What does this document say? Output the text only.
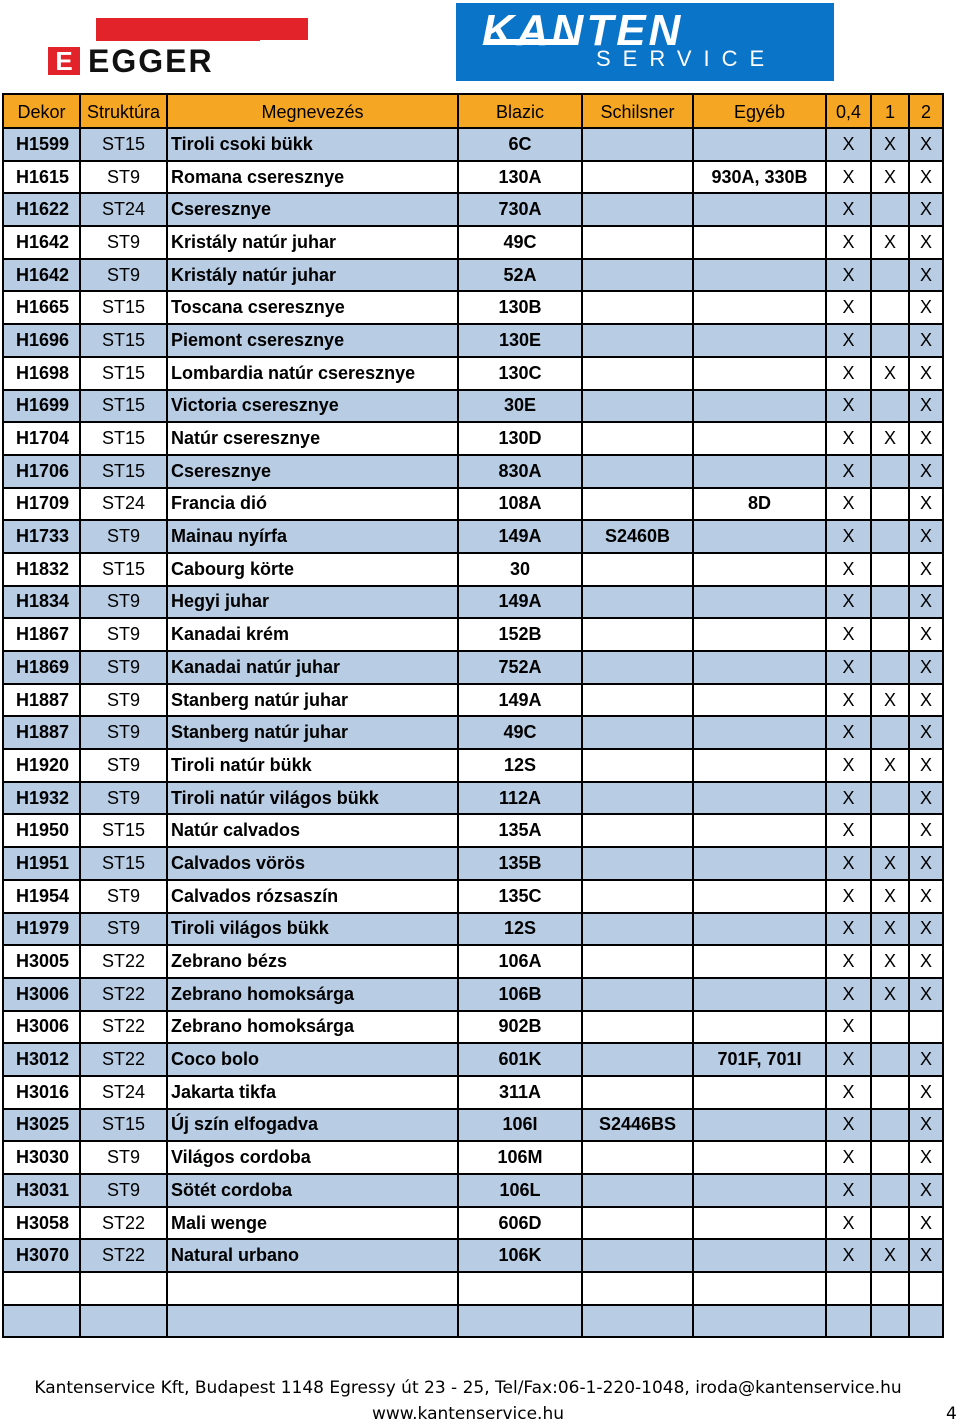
E EGGER
KANTEN
SERVICE
Dekor	Struktúra	Megnevezés	Blazic	Schilsner	Egyéb	0,4	1	2
H1599	ST15	Tiroli csoki bükk	6C			X	X	X
H1615	ST9	Romana cseresznye	130A		930A, 330B	X	X	X
H1622	ST24	Cseresznye	730A			X		X
H1642	ST9	Kristály natúr juhar	49C			X	X	X
H1642	ST9	Kristály natúr juhar	52A			X		X
H1665	ST15	Toscana cseresznye	130B			X		X
H1696	ST15	Piemont cseresznye	130E			X		X
H1698	ST15	Lombardia natúr cseresznye	130C			X	X	X
H1699	ST15	Victoria cseresznye	30E			X		X
H1704	ST15	Natúr cseresznye	130D			X	X	X
H1706	ST15	Cseresznye	830A			X		X
H1709	ST24	Francia dió	108A		8D	X		X
H1733	ST9	Mainau nyírfa	149A	S2460B		X		X
H1832	ST15	Cabourg körte	30			X		X
H1834	ST9	Hegyi juhar	149A			X		X
H1867	ST9	Kanadai krém	152B			X		X
H1869	ST9	Kanadai natúr juhar	752A			X		X
H1887	ST9	Stanberg natúr juhar	149A			X	X	X
H1887	ST9	Stanberg natúr juhar	49C			X		X
H1920	ST9	Tiroli natúr bükk	12S			X	X	X
H1932	ST9	Tiroli natúr világos bükk	112A			X		X
H1950	ST15	Natúr calvados	135A			X		X
H1951	ST15	Calvados vörös	135B			X	X	X
H1954	ST9	Calvados rózsaszín	135C			X	X	X
H1979	ST9	Tiroli világos bükk	12S			X	X	X
H3005	ST22	Zebrano bézs	106A			X	X	X
H3006	ST22	Zebrano homoksárga	106B			X	X	X
H3006	ST22	Zebrano homoksárga	902B			X		
H3012	ST22	Coco bolo	601K		701F, 701I	X		X
H3016	ST24	Jakarta tikfa	311A			X		X
H3025	ST15	Új szín elfogadva	106I	S2446BS		X		X
H3030	ST9	Világos cordoba	106M			X		X
H3031	ST9	Sötét cordoba	106L			X		X
H3058	ST22	Mali wenge	606D			X		X
H3070	ST22	Natural urbano	106K			X	X	X

Kantenservice Kft, Budapest 1148 Egressy út 23 - 25, Tel/Fax:06-1-220-1048, iroda@kantenservice.hu
www.kantenservice.hu	4
